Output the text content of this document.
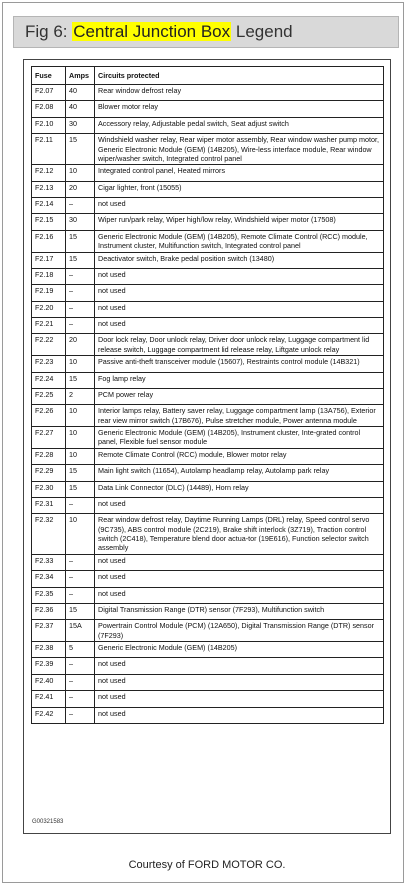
Fig 6: Central Junction Box Legend
Fuse	Amps	Circuits protected
F2.07	40	Rear window defrost relay
F2.08	40	Blower motor relay
F2.10	30	Accessory relay, Adjustable pedal switch, Seat adjust switch
F2.11	15	Windshield washer relay, Rear wiper motor assembly, Rear window washer pump motor, Generic Electronic Module (GEM) (14B205), Wire-less interface module, Rear window wiper/washer switch, Integrated control panel
F2.12	10	Integrated control panel, Heated mirrors
F2.13	20	Cigar lighter, front (15055)
F2.14	–	not used
F2.15	30	Wiper run/park relay, Wiper high/low relay, Windshield wiper motor (17508)
F2.16	15	Generic Electronic Module (GEM) (14B205), Remote Climate Control (RCC) module, Instrument cluster, Multifunction switch, Integrated control panel
F2.17	15	Deactivator switch, Brake pedal position switch (13480)
F2.18	–	not used
F2.19	–	not used
F2.20	–	not used
F2.21	–	not used
F2.22	20	Door lock relay, Door unlock relay, Driver door unlock relay, Luggage compartment lid release switch, Luggage compartment lid release relay, Liftgate unlock relay
F2.23	10	Passive anti-theft transceiver module (15607), Restraints control module (14B321)
F2.24	15	Fog lamp relay
F2.25	2	PCM power relay
F2.26	10	Interior lamps relay, Battery saver relay, Luggage compartment lamp (13A756), Exterior rear view mirror switch (17B676), Pulse stretcher module, Power antenna module
F2.27	10	Generic Electronic Module (GEM) (14B205), Instrument cluster, Inte-grated control panel, Flexible fuel sensor module
F2.28	10	Remote Climate Control (RCC) module, Blower motor relay
F2.29	15	Main light switch (11654), Autolamp headlamp relay, Autolamp park relay
F2.30	15	Data Link Connector (DLC) (14489), Horn relay
F2.31	–	not used
F2.32	10	Rear window defrost relay, Daytime Running Lamps (DRL) relay, Speed control servo (9C735), ABS control module (2C219), Brake shift interlock (3Z719), Traction control switch (2C418), Temperature blend door actua-tor (19E616), Function selector switch assembly
F2.33	–	not used
F2.34	–	not used
F2.35	–	not used
F2.36	15	Digital Transmission Range (DTR) sensor (7F293), Multifunction switch
F2.37	15A	Powertrain Control Module (PCM) (12A650), Digital Transmission Range (DTR) sensor (7F293)
F2.38	5	Generic Electronic Module (GEM) (14B205)
F2.39	–	not used
F2.40	–	not used
F2.41	–	not used
F2.42	–	not used
G00321583
Courtesy of FORD MOTOR CO.
